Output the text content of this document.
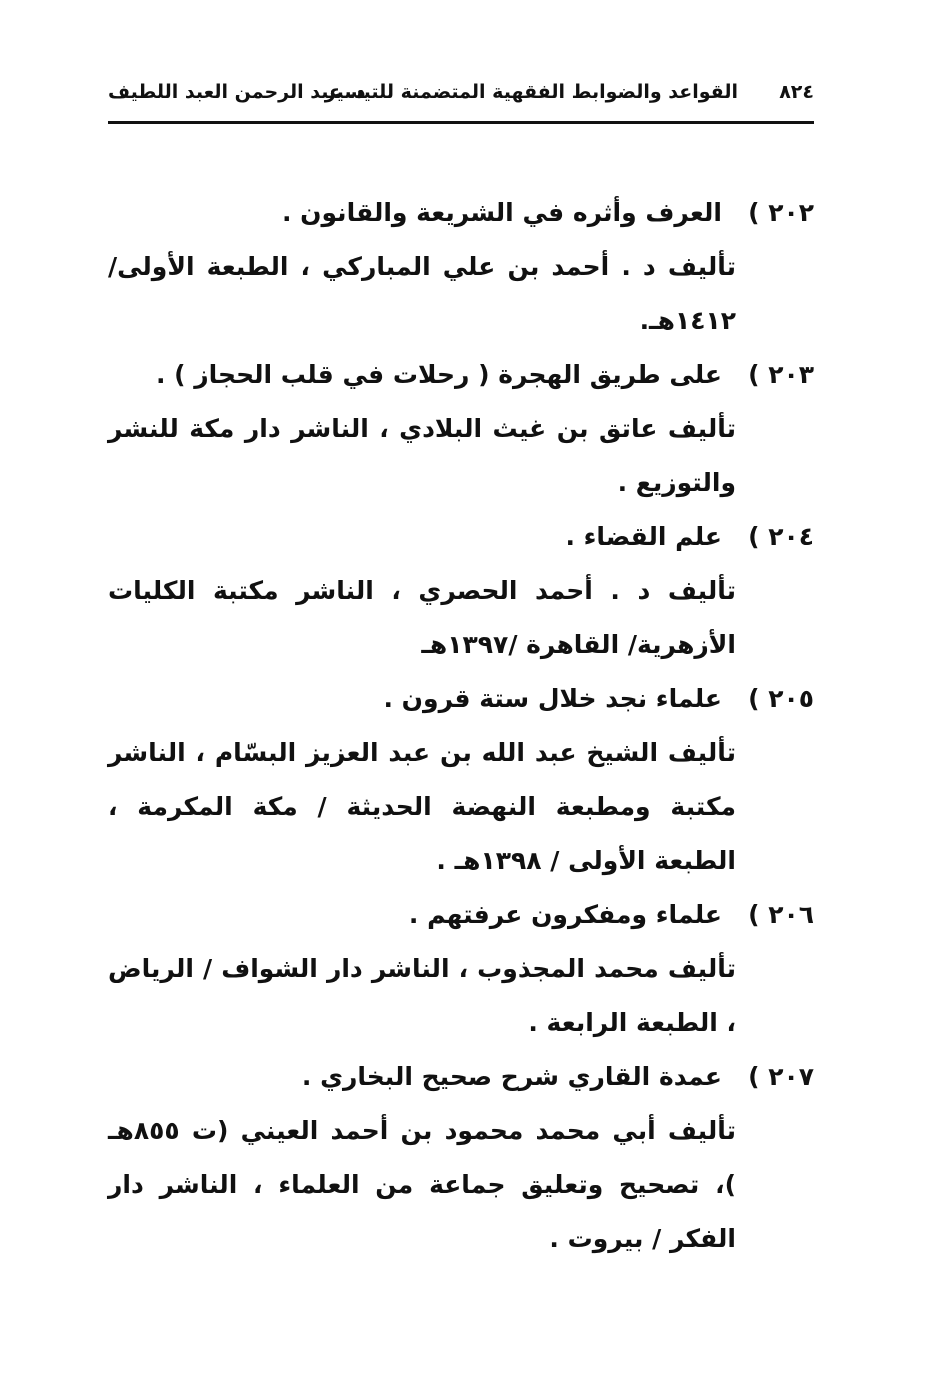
٨٢٤
القواعد والضوابط الفقهية المتضمنة للتيسير
د. عبد الرحمن العبد اللطيف
٢٠٢ )
العرف وأثره في الشريعة والقانون .
تأليف د . أحمد بن علي المباركي ، الطبعة الأولى/ ١٤١٢هـ.
٢٠٣ )
على طريق الهجرة ( رحلات في قلب الحجاز ) .
تأليف عاتق بن غيث البلادي ، الناشر دار مكة للنشر والتوزيع .
٢٠٤ )
علم القضاء .
تأليف د . أحمد الحصري ، الناشر مكتبة الكليات الأزهرية/ القاهرة /١٣٩٧هـ
٢٠٥ )
علماء نجد خلال ستة قرون .
تأليف الشيخ عبد الله بن عبد العزيز البسّام ، الناشر مكتبة ومطبعة النهضة الحديثة / مكة المكرمة ، الطبعة الأولى / ١٣٩٨هـ .
٢٠٦ )
علماء ومفكرون عرفتهم .
تأليف محمد المجذوب ، الناشر دار الشواف / الرياض ، الطبعة الرابعة .
٢٠٧ )
عمدة القاري شرح صحيح البخاري .
تأليف أبي محمد محمود بن أحمد العيني (ت ٨٥٥هـ )، تصحيح وتعليق جماعة من العلماء ، الناشر دار الفكر / بيروت .
